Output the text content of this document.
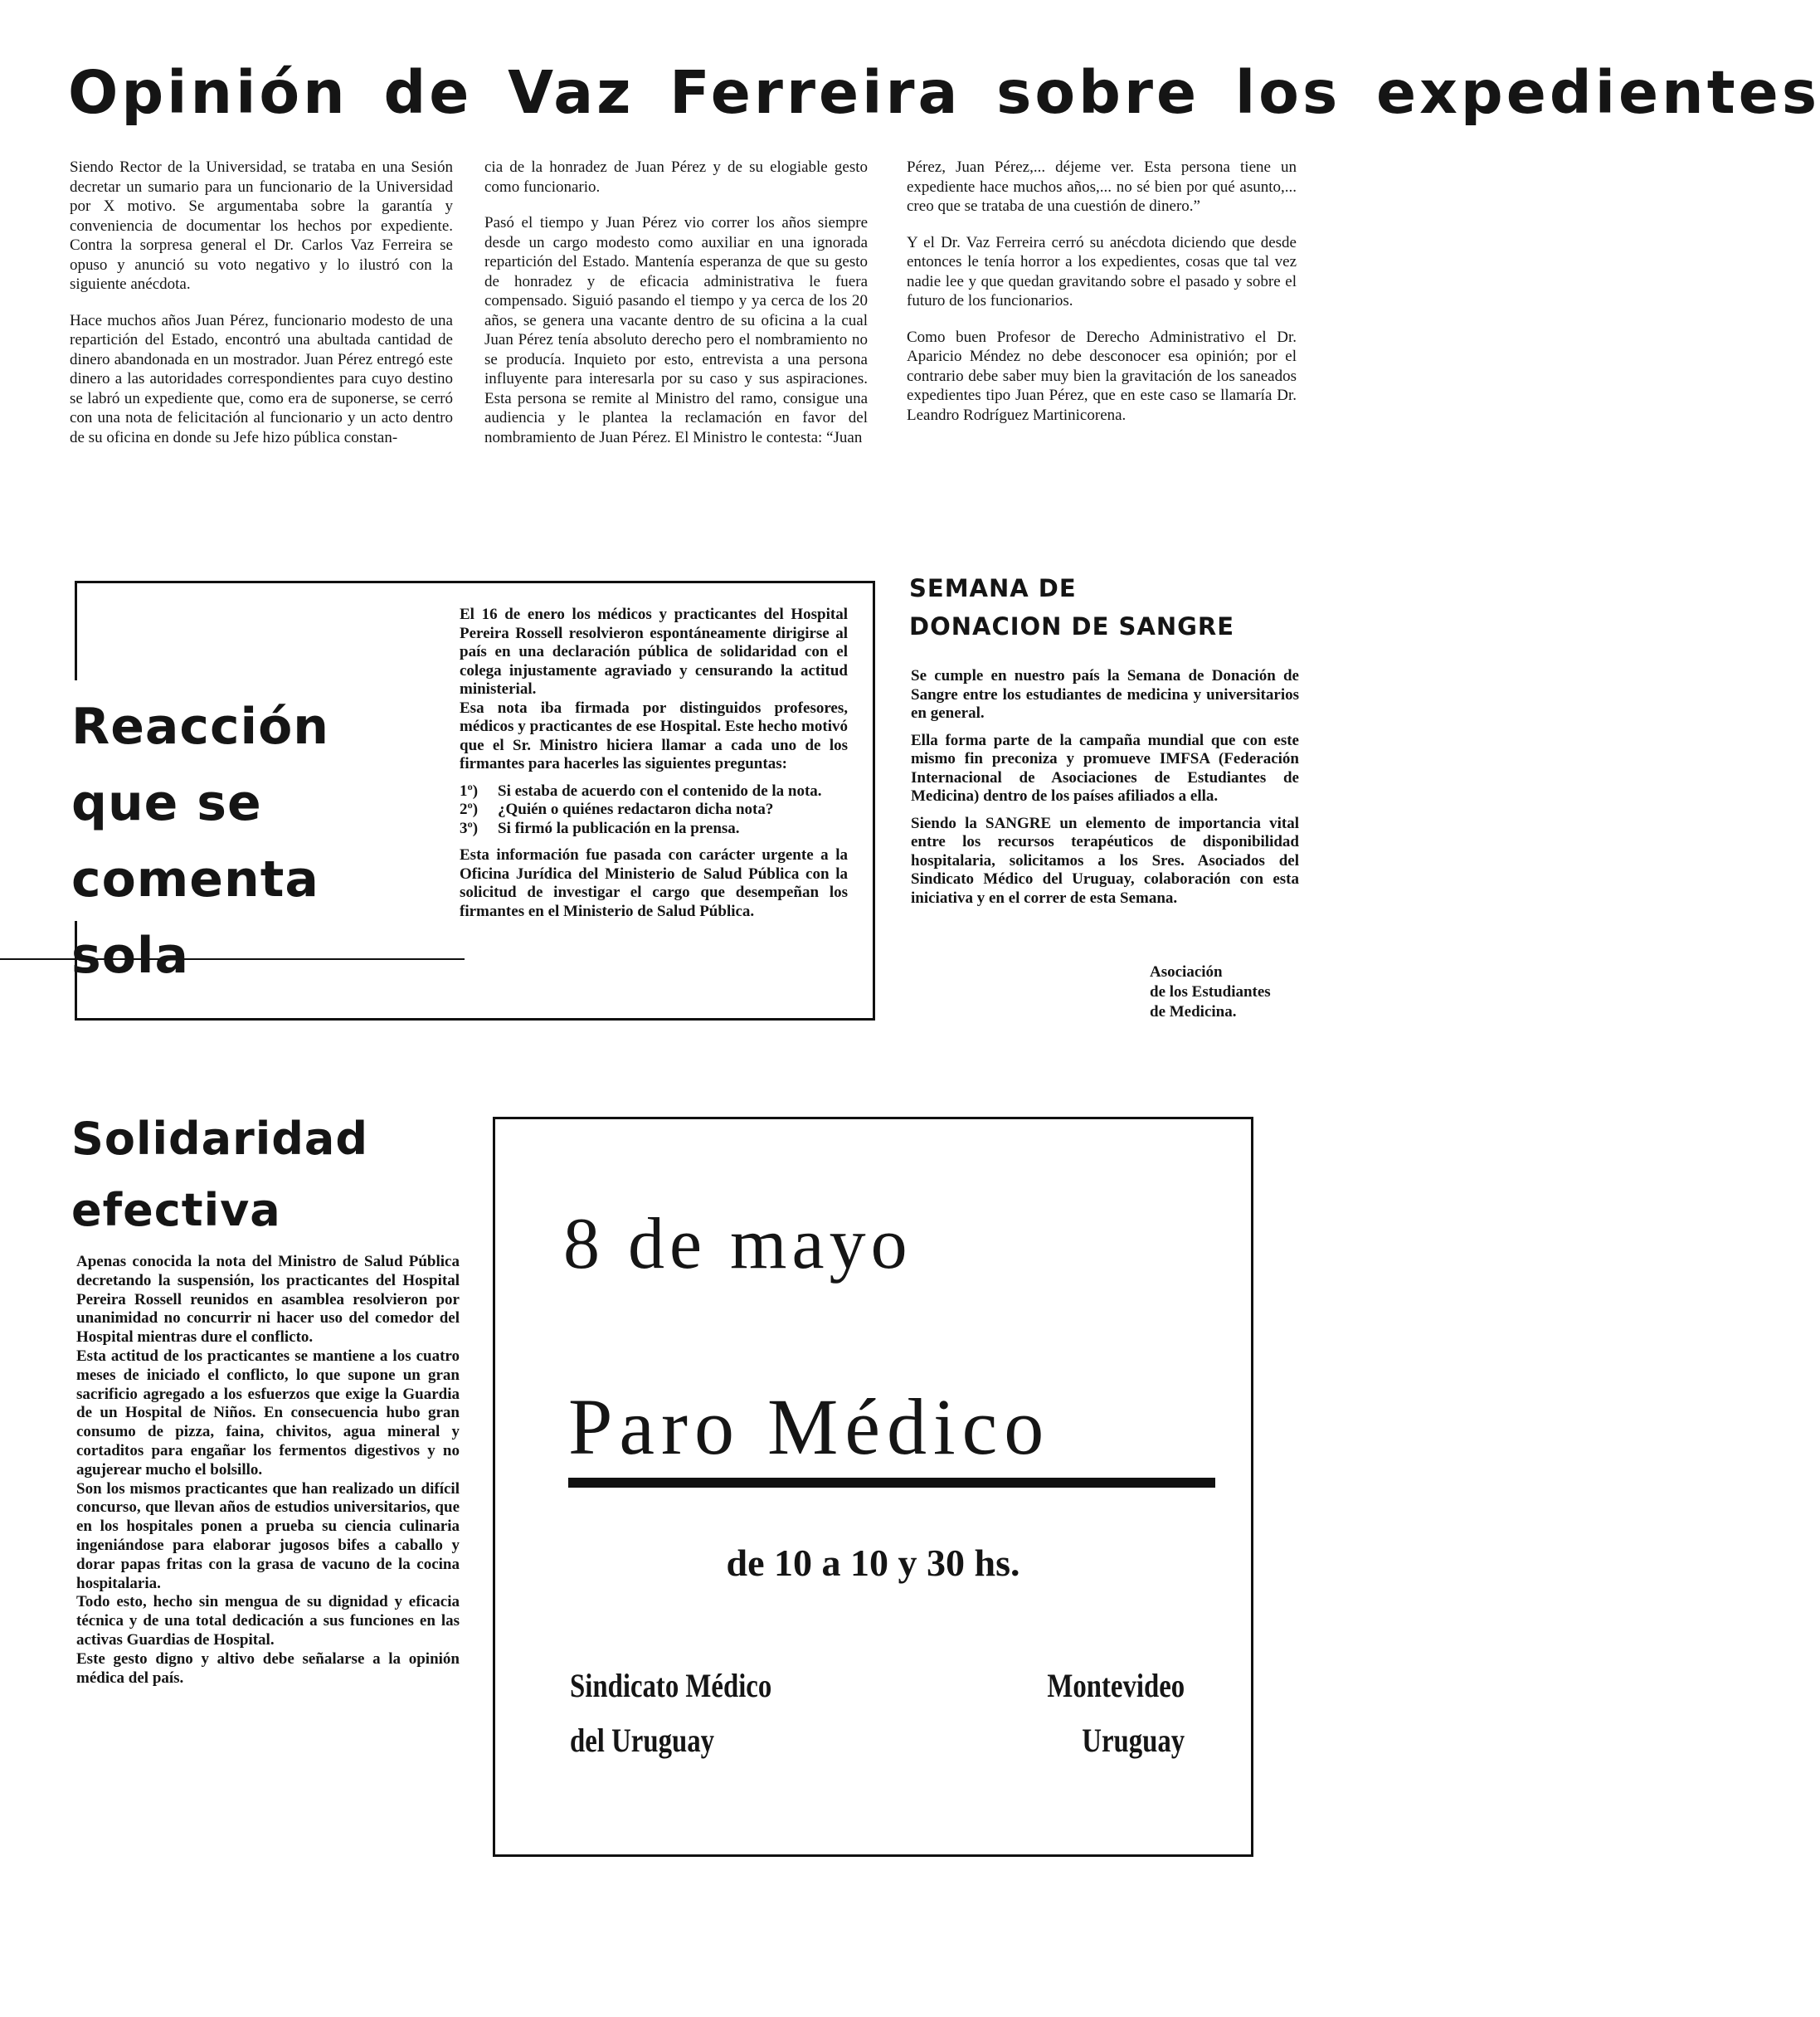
Opinión de Vaz Ferreira sobre los expedientes

Siendo Rector de la Universidad, se trataba en una Sesión decretar un sumario para un funcionario de la Universidad por X motivo. Se argumentaba sobre la garantía y conveniencia de documentar los hechos por expediente. Contra la sorpresa general el Dr. Carlos Vaz Ferreira se opuso y anunció su voto negativo y lo ilustró con la siguiente anécdota.

Hace muchos años Juan Pérez, funcionario modesto de una repartición del Estado, encontró una abultada cantidad de dinero abandonada en un mostrador. Juan Pérez entregó este dinero a las autoridades correspondientes para cuyo destino se labró un expediente que, como era de suponerse, se cerró con una nota de felicitación al funcionario y un acto dentro de su oficina en donde su Jefe hizo pública constan-

cia de la honradez de Juan Pérez y de su elogiable gesto como funcionario.

Pasó el tiempo y Juan Pérez vio correr los años siempre desde un cargo modesto como auxiliar en una ignorada repartición del Estado. Mantenía esperanza de que su gesto de honradez y de eficacia administrativa le fuera compensado. Siguió pasando el tiempo y ya cerca de los 20 años, se genera una vacante dentro de su oficina a la cual Juan Pérez tenía absoluto derecho pero el nombramiento no se producía. Inquieto por esto, entrevista a una persona influyente para interesarla por su caso y sus aspiraciones. Esta persona se remite al Ministro del ramo, consigue una audiencia y le plantea la reclamación en favor del nombramiento de Juan Pérez. El Ministro le contesta: “Juan

Pérez, Juan Pérez,... déjeme ver. Esta persona tiene un expediente hace muchos años,... no sé bien por qué asunto,... creo que se trataba de una cuestión de dinero.”

Y el Dr. Vaz Ferreira cerró su anécdota diciendo que desde entonces le tenía horror a los expedientes, cosas que tal vez nadie lee y que quedan gravitando sobre el pasado y sobre el futuro de los funcionarios.

Como buen Profesor de Derecho Administrativo el Dr. Aparicio Méndez no debe desconocer esa opinión; por el contrario debe saber muy bien la gravitación de los saneados expedientes tipo Juan Pérez, que en este caso se llamaría Dr. Leandro Rodríguez Martinicorena.

Reacción
que se comenta
sola

El 16 de enero los médicos y practicantes del Hospital Pereira Rossell resolvieron espontáneamente dirigirse al país en una declaración pública de solidaridad con el colega injustamente agraviado y censurando la actitud ministerial.

Esa nota iba firmada por distinguidos profesores, médicos y practicantes de ese Hospital. Este hecho motivó que el Sr. Ministro hiciera llamar a cada uno de los firmantes para hacerles las siguientes preguntas:

1º)	Si estaba de acuerdo con el contenido de la nota.
2º)	¿Quién o quiénes redactaron dicha nota?
3º)	Si firmó la publicación en la prensa.

Esta información fue pasada con carácter urgente a la Oficina Jurídica del Ministerio de Salud Pública con la solicitud de investigar el cargo que desempeñan los firmantes en el Ministerio de Salud Pública.

SEMANA DE
DONACION DE SANGRE

Se cumple en nuestro país la Semana de Donación de Sangre entre los estudiantes de medicina y universitarios en general.

Ella forma parte de la campaña mundial que con este mismo fin preconiza y promueve IMFSA (Federación Internacional de Asociaciones de Estudiantes de Medicina) dentro de los países afiliados a ella.

Siendo la SANGRE un elemento de importancia vital entre los recursos terapéuticos de disponibilidad hospitalaria, solicitamos a los Sres. Asociados del Sindicato Médico del Uruguay, colaboración con esta iniciativa y en el correr de esta Semana.

Asociación
de los Estudiantes
de Medicina.
Solidaridad
efectiva

Apenas conocida la nota del Ministro de Salud Pública decretando la suspensión, los practicantes del Hospital Pereira Rossell reunidos en asamblea resolvieron por unanimidad no concurrir ni hacer uso del comedor del Hospital mientras dure el conflicto.

Esta actitud de los practicantes se mantiene a los cuatro meses de iniciado el conflicto, lo que supone un gran sacrificio agregado a los esfuerzos que exige la Guardia de un Hospital de Niños. En consecuencia hubo gran consumo de pizza, faina, chivitos, agua mineral y cortaditos para engañar los fermentos digestivos y no agujerear mucho el bolsillo.

Son los mismos practicantes que han realizado un difícil concurso, que llevan años de estudios universitarios, que en los hospitales ponen a prueba su ciencia culinaria ingeniándose para elaborar jugosos bifes a caballo y dorar papas fritas con la grasa de vacuno de la cocina hospitalaria.

Todo esto, hecho sin mengua de su dignidad y eficacia técnica y de una total dedicación a sus funciones en las activas Guardias de Hospital.

Este gesto digno y altivo debe señalarse a la opinión médica del país.

8 de mayo
Paro Médico
de 10 a 10 y 30 hs.
Sindicato Médico
del Uruguay
Montevideo
Uruguay
